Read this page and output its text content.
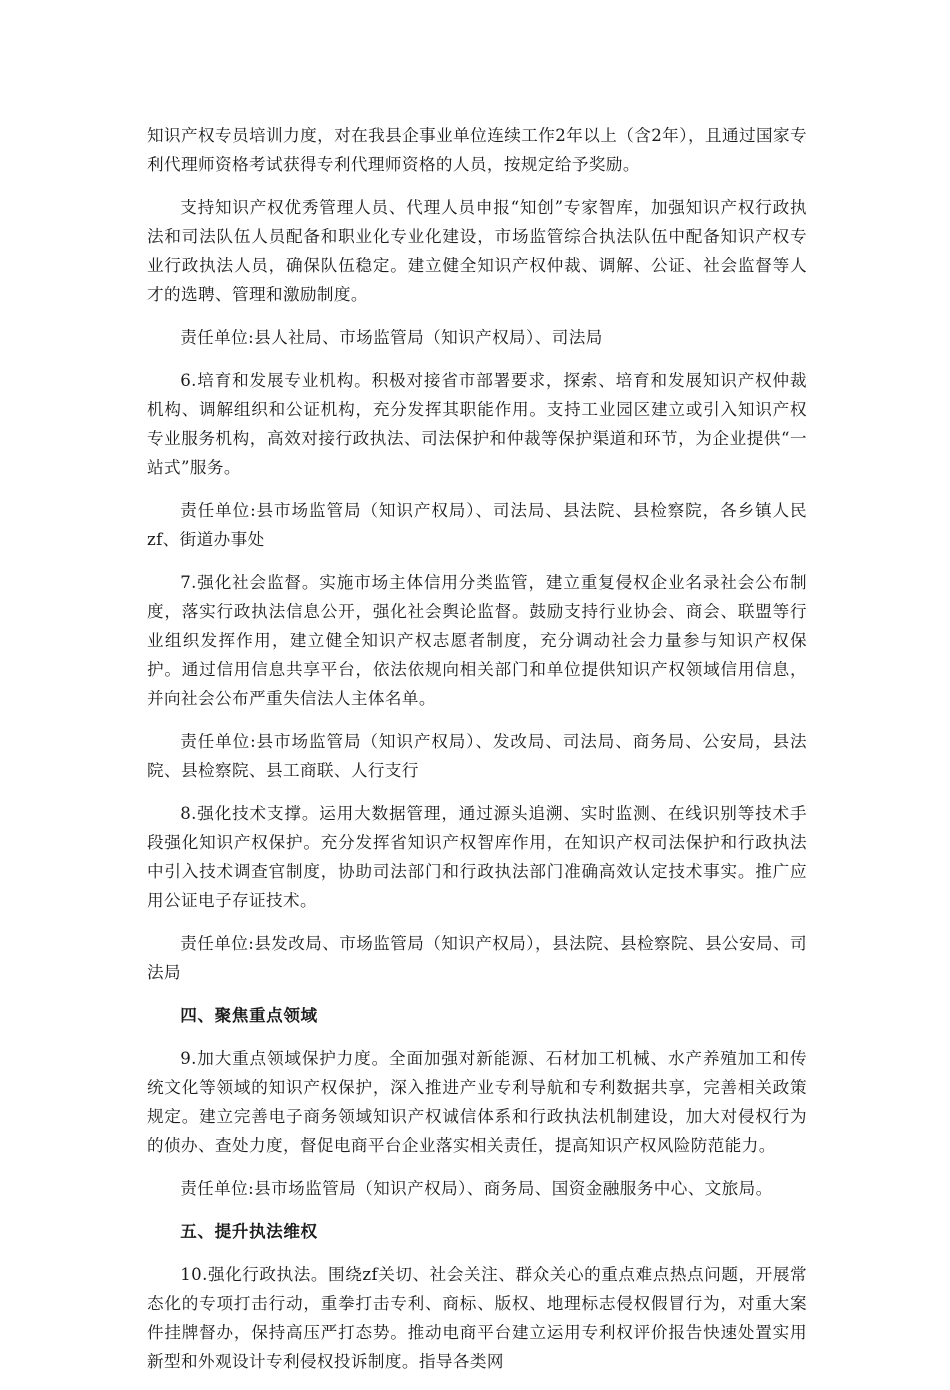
知识产权专员培训力度，对在我县企事业单位连续工作2年以上（含2年），且通过国家专利代理师资格考试获得专利代理师资格的人员，按规定给予奖励。

支持知识产权优秀管理人员、代理人员申报“知创”专家智库，加强知识产权行政执法和司法队伍人员配备和职业化专业化建设，市场监管综合执法队伍中配备知识产权专业行政执法人员，确保队伍稳定。建立健全知识产权仲裁、调解、公证、社会监督等人才的选聘、管理和激励制度。

责任单位:县人社局、市场监管局（知识产权局）、司法局

6.培育和发展专业机构。积极对接省市部署要求，探索、培育和发展知识产权仲裁机构、调解组织和公证机构，充分发挥其职能作用。支持工业园区建立或引入知识产权专业服务机构，高效对接行政执法、司法保护和仲裁等保护渠道和环节，为企业提供“一站式”服务。

责任单位:县市场监管局（知识产权局）、司法局、县法院、县检察院，各乡镇人民zf、街道办事处

7.强化社会监督。实施市场主体信用分类监管，建立重复侵权企业名录社会公布制度，落实行政执法信息公开，强化社会舆论监督。鼓励支持行业协会、商会、联盟等行业组织发挥作用，建立健全知识产权志愿者制度，充分调动社会力量参与知识产权保护。通过信用信息共享平台，依法依规向相关部门和单位提供知识产权领域信用信息，并向社会公布严重失信法人主体名单。

责任单位:县市场监管局（知识产权局）、发改局、司法局、商务局、公安局，县法院、县检察院、县工商联、人行支行

8.强化技术支撑。运用大数据管理，通过源头追溯、实时监测、在线识别等技术手段强化知识产权保护。充分发挥省知识产权智库作用，在知识产权司法保护和行政执法中引入技术调查官制度，协助司法部门和行政执法部门准确高效认定技术事实。推广应用公证电子存证技术。

责任单位:县发改局、市场监管局（知识产权局），县法院、县检察院、县公安局、司法局

四、聚焦重点领域

9.加大重点领域保护力度。全面加强对新能源、石材加工机械、水产养殖加工和传统文化等领域的知识产权保护，深入推进产业专利导航和专利数据共享，完善相关政策规定。建立完善电子商务领域知识产权诚信体系和行政执法机制建设，加大对侵权行为的侦办、查处力度，督促电商平台企业落实相关责任，提高知识产权风险防范能力。

责任单位:县市场监管局（知识产权局）、商务局、国资金融服务中心、文旅局。

五、提升执法维权

10.强化行政执法。围绕zf关切、社会关注、群众关心的重点难点热点问题，开展常态化的专项打击行动，重拳打击专利、商标、版权、地理标志侵权假冒行为，对重大案件挂牌督办，保持高压严打态势。推动电商平台建立运用专利权评价报告快速处置实用新型和外观设计专利侵权投诉制度。指导各类网
